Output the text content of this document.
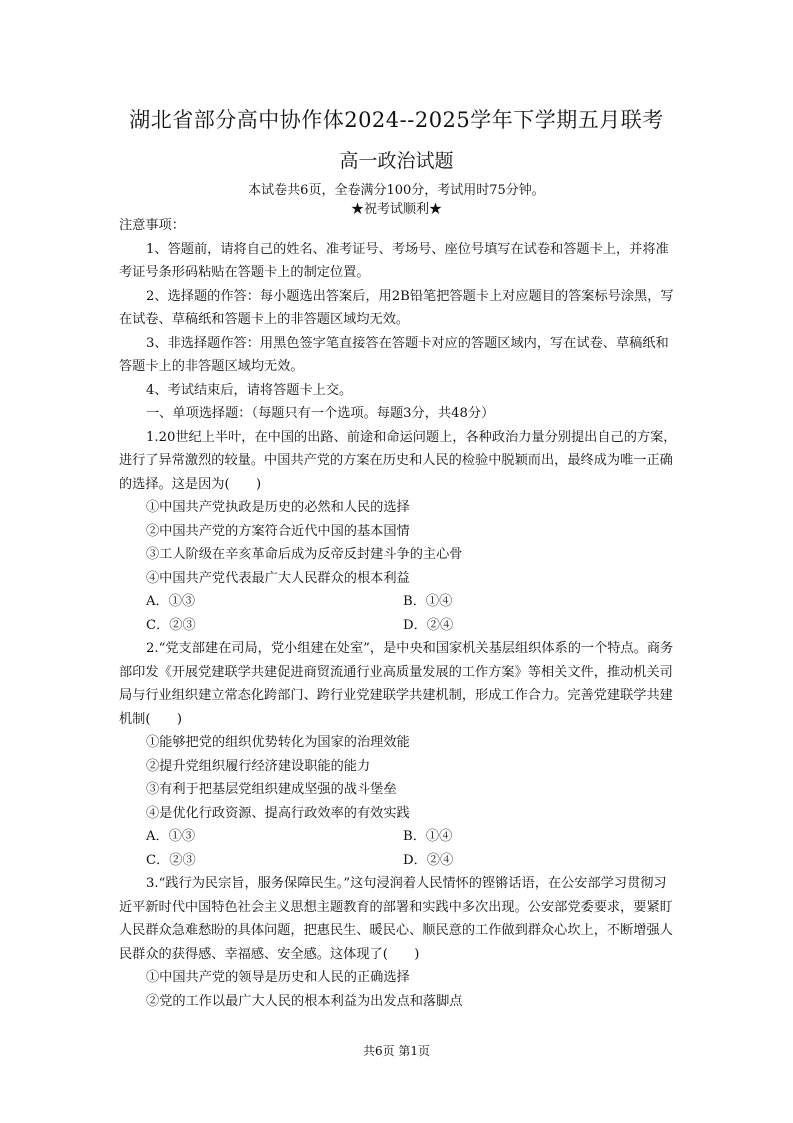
湖北省部分高中协作体2024--2025学年下学期五月联考
高一政治试题
本试卷共6页，全卷满分100分，考试用时75分钟。
★祝考试顺利★

注意事项：

1、答题前，请将自己的姓名、准考证号、考场号、座位号填写在试卷和答题卡上，并将准考证号条形码粘贴在答题卡上的制定位置。

2、选择题的作答：每小题选出答案后，用2B铅笔把答题卡上对应题目的答案标号涂黑，写在试卷、草稿纸和答题卡上的非答题区域均无效。

3、非选择题作答：用黑色签字笔直接答在答题卡对应的答题区域内，写在试卷、草稿纸和答题卡上的非答题区域均无效。

4、考试结束后，请将答题卡上交。

一、单项选择题：（每题只有一个选项。每题3分，共48分）

1.20世纪上半叶，在中国的出路、前途和命运问题上，各种政治力量分别提出自己的方案，进行了异常激烈的较量。中国共产党的方案在历史和人民的检验中脱颖而出，最终成为唯一正确的选择。这是因为(　　)

①中国共产党执政是历史的必然和人民的选择

②中国共产党的方案符合近代中国的基本国情

③工人阶级在辛亥革命后成为反帝反封建斗争的主心骨

④中国共产党代表最广大人民群众的根本利益

A．①③	B．①④
C．②③	D．②④

2.“党支部建在司局，党小组建在处室”，是中央和国家机关基层组织体系的一个特点。商务部印发《开展党建联学共建促进商贸流通行业高质量发展的工作方案》等相关文件，推动机关司局与行业组织建立常态化跨部门、跨行业党建联学共建机制，形成工作合力。完善党建联学共建机制(　　)

①能够把党的组织优势转化为国家的治理效能

②提升党组织履行经济建设职能的能力

③有利于把基层党组织建成坚强的战斗堡垒

④是优化行政资源、提高行政效率的有效实践

A．①③	B．①④
C．②③	D．②④

3.“践行为民宗旨，服务保障民生。”这句浸润着人民情怀的铿锵话语，在公安部学习贯彻习近平新时代中国特色社会主义思想主题教育的部署和实践中多次出现。公安部党委要求，要紧盯人民群众急难愁盼的具体问题，把惠民生、暖民心、顺民意的工作做到群众心坎上，不断增强人民群众的获得感、幸福感、安全感。这体现了(　　)

①中国共产党的领导是历史和人民的正确选择

②党的工作以最广大人民的根本利益为出发点和落脚点

共6页 第1页
